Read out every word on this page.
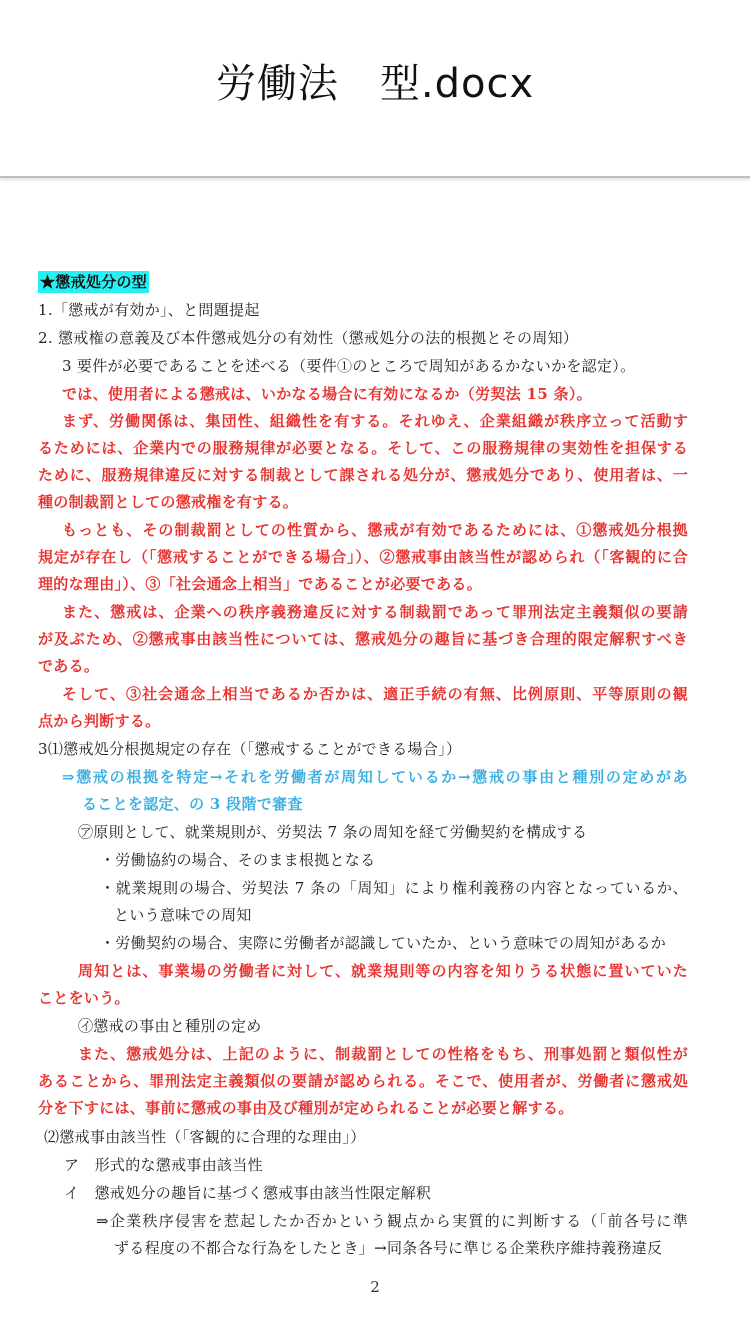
労働法　型.docx
★懲戒処分の型
1.「懲戒が有効か」、と問題提起
2. 懲戒権の意義及び本件懲戒処分の有効性（懲戒処分の法的根拠とその周知）
3 要件が必要であることを述べる（要件①のところで周知があるかないかを認定）。
では、使用者による懲戒は、いかなる場合に有効になるか（労契法 15 条）。
まず、労働関係は、集団性、組織性を有する。それゆえ、企業組織が秩序立って活動す
るためには、企業内での服務規律が必要となる。そして、この服務規律の実効性を担保する
ために、服務規律違反に対する制裁として課される処分が、懲戒処分であり、使用者は、一
種の制裁罰としての懲戒権を有する。
もっとも、その制裁罰としての性質から、懲戒が有効であるためには、①懲戒処分根拠
規定が存在し（「懲戒することができる場合」）、②懲戒事由該当性が認められ（「客観的に合
理的な理由」）、③「社会通念上相当」であることが必要である。
また、懲戒は、企業への秩序義務違反に対する制裁罰であって罪刑法定主義類似の要請
が及ぶため、②懲戒事由該当性については、懲戒処分の趣旨に基づき合理的限定解釈すべき
である。
そして、③社会通念上相当であるか否かは、適正手続の有無、比例原則、平等原則の観
点から判断する。
3⑴懲戒処分根拠規定の存在（「懲戒することができる場合」）
⇒懲戒の根拠を特定→それを労働者が周知しているか→懲戒の事由と種別の定めがあ
ることを認定、の 3 段階で審査
㋐原則として、就業規則が、労契法 7 条の周知を経て労働契約を構成する
・労働協約の場合、そのまま根拠となる
・就業規則の場合、労契法 7 条の「周知」により権利義務の内容となっているか、
という意味での周知
・労働契約の場合、実際に労働者が認識していたか、という意味での周知があるか
周知とは、事業場の労働者に対して、就業規則等の内容を知りうる状態に置いていた
ことをいう。
㋑懲戒の事由と種別の定め
また、懲戒処分は、上記のように、制裁罰としての性格をもち、刑事処罰と類似性が
あることから、罪刑法定主義類似の要請が認められる。そこで、使用者が、労働者に懲戒処
分を下すには、事前に懲戒の事由及び種別が定められることが必要と解する。
⑵懲戒事由該当性（「客観的に合理的な理由」）
ア　形式的な懲戒事由該当性
イ　懲戒処分の趣旨に基づく懲戒事由該当性限定解釈
⇒企業秩序侵害を惹起したか否かという観点から実質的に判断する（「前各号に準
ずる程度の不都合な行為をしたとき」→同条各号に準じる企業秩序維持義務違反
2
